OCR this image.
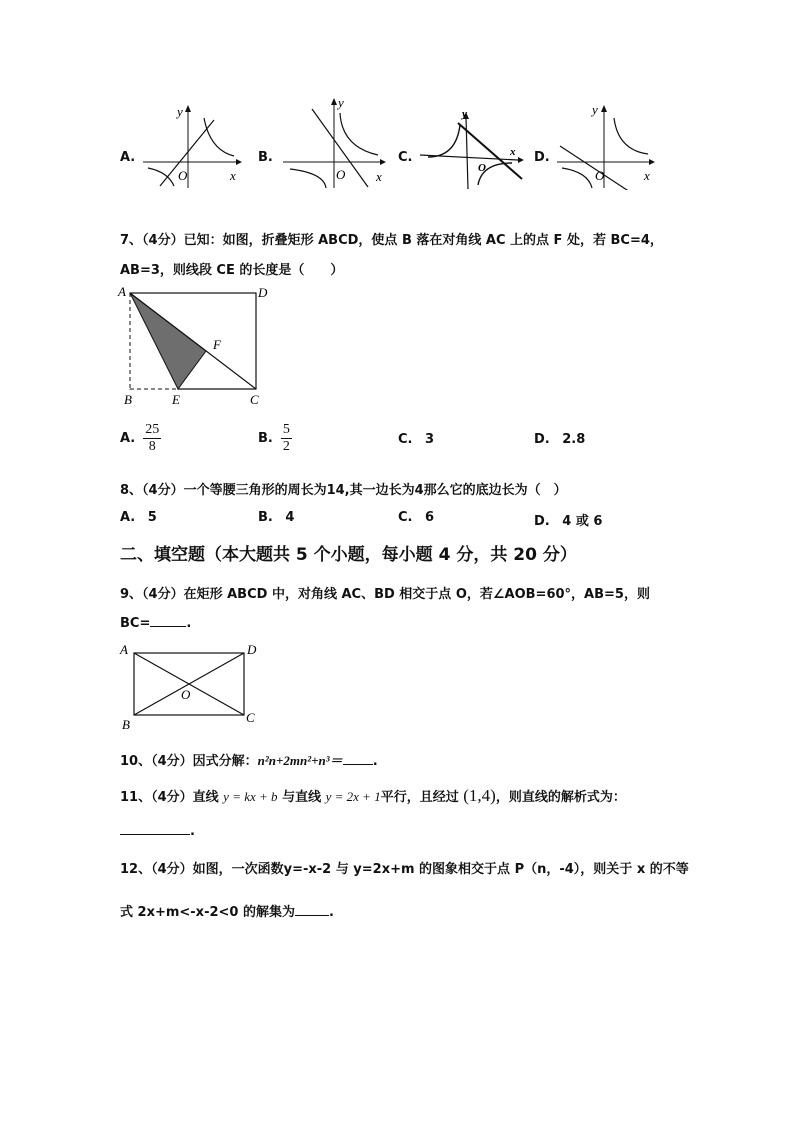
A.
x
y
O
B.
x
y
O
C.	x
y
O
D.
x
y
O
7、（4分）已知：如图，折叠矩形 ABCD，使点 B 落在对角线 AC 上的点 F 处，若 BC=4，
AB=3，则线段 CE 的长度是（　　）
A	D
B	E	C
F
A. $\frac{25}{8}$	B. $\frac{5}{2}$	C. 3	D. 2.8
8、（4分）一个等腰三角形的周长为14,其一边长为4那么它的底边长为（　）
A. 5	B. 4	C. 6	D. 4 或 6
二、填空题（本大题共 5 个小题，每小题 4 分，共 20 分）
9、（4分）在矩形 ABCD 中，对角线 AC、BD 相交于点 O，若∠AOB=60°，AB=5，则
BC=	.
A	D
B	C
O
10、（4分）因式分解：n²n+2mn²+n³＝ .
11、（4分）直线 y = kx + b 与直线 y = 2x + 1平行，且经过 (1,4)，则直线的解析式为：
.
12、（4分）如图，一次函数y=-x-2 与 y=2x+m 的图象相交于点 P（n，-4），则关于 x 的不等
式 2x+m<-x-2<0 的解集为	.
